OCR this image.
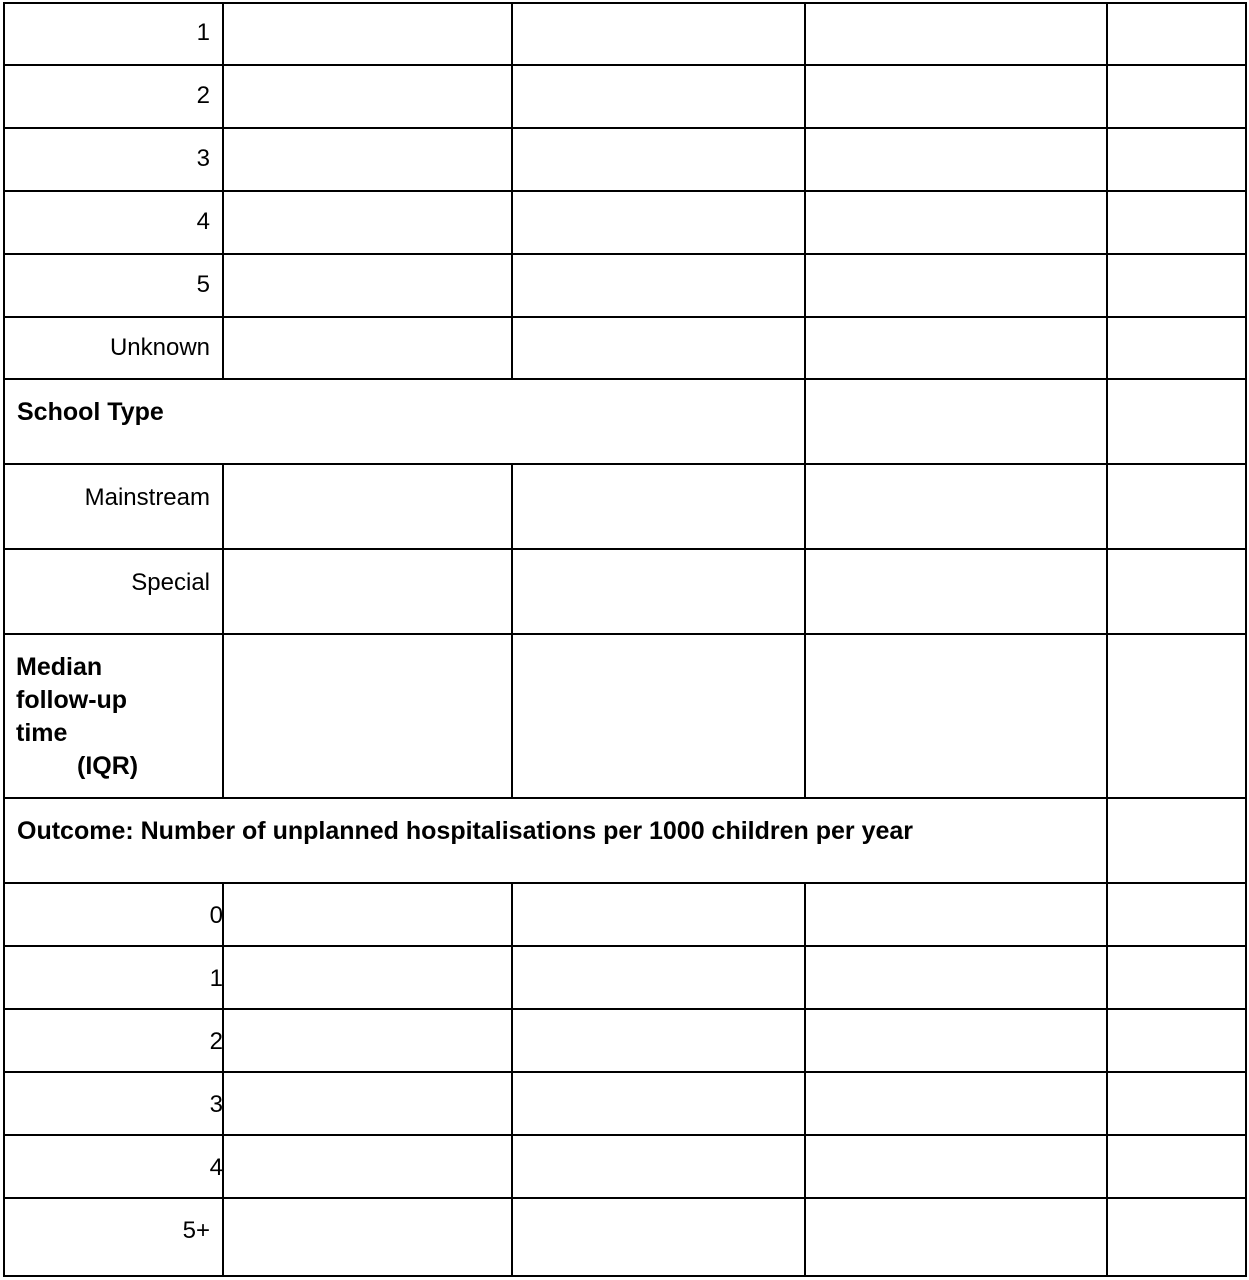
1
2
3
4
5
Unknown
School Type
Mainstream
Special
Median
follow-up
time
(IQR)
Outcome: Number of unplanned hospitalisations per 1000 children per year
0
1
2
3
4
5+
